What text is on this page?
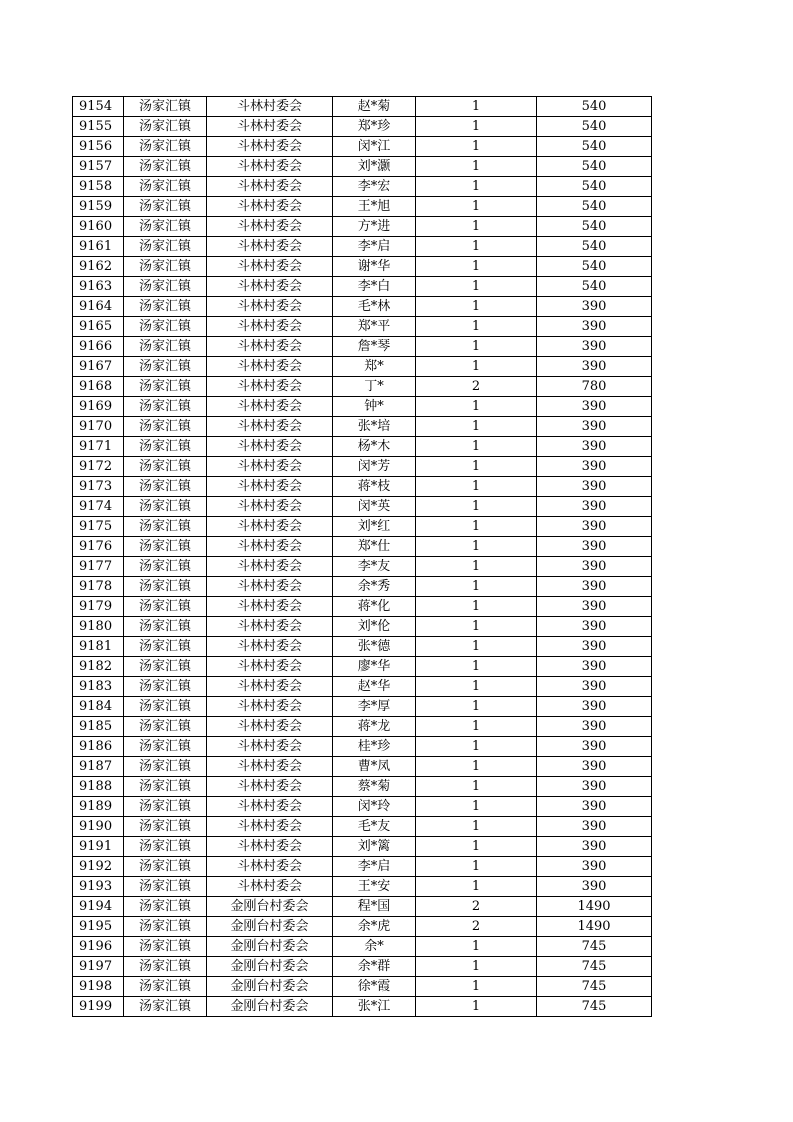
9154	汤家汇镇	斗林村委会	赵*菊	1	540
9155	汤家汇镇	斗林村委会	郑*珍	1	540
9156	汤家汇镇	斗林村委会	闵*江	1	540
9157	汤家汇镇	斗林村委会	刘*灏	1	540
9158	汤家汇镇	斗林村委会	李*宏	1	540
9159	汤家汇镇	斗林村委会	王*旭	1	540
9160	汤家汇镇	斗林村委会	方*进	1	540
9161	汤家汇镇	斗林村委会	李*启	1	540
9162	汤家汇镇	斗林村委会	谢*华	1	540
9163	汤家汇镇	斗林村委会	李*白	1	540
9164	汤家汇镇	斗林村委会	毛*林	1	390
9165	汤家汇镇	斗林村委会	郑*平	1	390
9166	汤家汇镇	斗林村委会	詹*琴	1	390
9167	汤家汇镇	斗林村委会	郑*	1	390
9168	汤家汇镇	斗林村委会	丁*	2	780
9169	汤家汇镇	斗林村委会	钟*	1	390
9170	汤家汇镇	斗林村委会	张*培	1	390
9171	汤家汇镇	斗林村委会	杨*木	1	390
9172	汤家汇镇	斗林村委会	闵*芳	1	390
9173	汤家汇镇	斗林村委会	蒋*枝	1	390
9174	汤家汇镇	斗林村委会	闵*英	1	390
9175	汤家汇镇	斗林村委会	刘*红	1	390
9176	汤家汇镇	斗林村委会	郑*仕	1	390
9177	汤家汇镇	斗林村委会	李*友	1	390
9178	汤家汇镇	斗林村委会	余*秀	1	390
9179	汤家汇镇	斗林村委会	蒋*化	1	390
9180	汤家汇镇	斗林村委会	刘*伦	1	390
9181	汤家汇镇	斗林村委会	张*德	1	390
9182	汤家汇镇	斗林村委会	廖*华	1	390
9183	汤家汇镇	斗林村委会	赵*华	1	390
9184	汤家汇镇	斗林村委会	李*厚	1	390
9185	汤家汇镇	斗林村委会	蒋*龙	1	390
9186	汤家汇镇	斗林村委会	桂*珍	1	390
9187	汤家汇镇	斗林村委会	曹*凤	1	390
9188	汤家汇镇	斗林村委会	蔡*菊	1	390
9189	汤家汇镇	斗林村委会	闵*玲	1	390
9190	汤家汇镇	斗林村委会	毛*友	1	390
9191	汤家汇镇	斗林村委会	刘*篱	1	390
9192	汤家汇镇	斗林村委会	李*启	1	390
9193	汤家汇镇	斗林村委会	王*安	1	390
9194	汤家汇镇	金刚台村委会	程*国	2	1490
9195	汤家汇镇	金刚台村委会	余*虎	2	1490
9196	汤家汇镇	金刚台村委会	余*	1	745
9197	汤家汇镇	金刚台村委会	余*群	1	745
9198	汤家汇镇	金刚台村委会	徐*霞	1	745
9199	汤家汇镇	金刚台村委会	张*江	1	745
